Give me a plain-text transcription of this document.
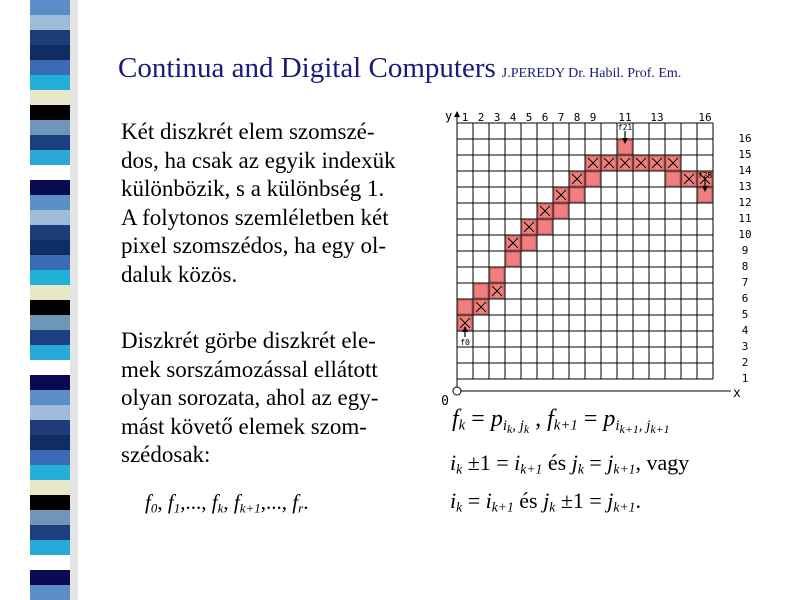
Continua and Digital Computers J.PEREDY Dr. Habil. Prof. Em.
Két diszkrét elem szomszé-
dos, ha csak az egyik indexük
különbözik, s a különbség 1.
A folytonos szemléletben két
pixel szomszédos, ha egy ol-
daluk közös.
Diszkrét görbe diszkrét ele-
mek sorszámozással ellátott
olyan sorozata, ahol az egy-
mást követő elemek szom-
szédosak:
$f_0$, $f_1$,..., $f_k$, $f_{k+1}$,..., $f_r$.
$f_k = p_{i_k, j_k}$ , $f_{k+1} = p_{i_{k+1}, j_{k+1}}$
$i_k \pm 1 = i_{k+1}$ és $j_k = j_{k+1}$, vagy
$i_k = i_{k+1}$ és $j_k \pm 1 = j_{k+1}$.
y
x
0
1 2 3 4 5 6 7 8 9 11 13	16
16
15
14
13
12
11
10
9
8
7
6
5
4
3
2
1
f0
f21
f28
